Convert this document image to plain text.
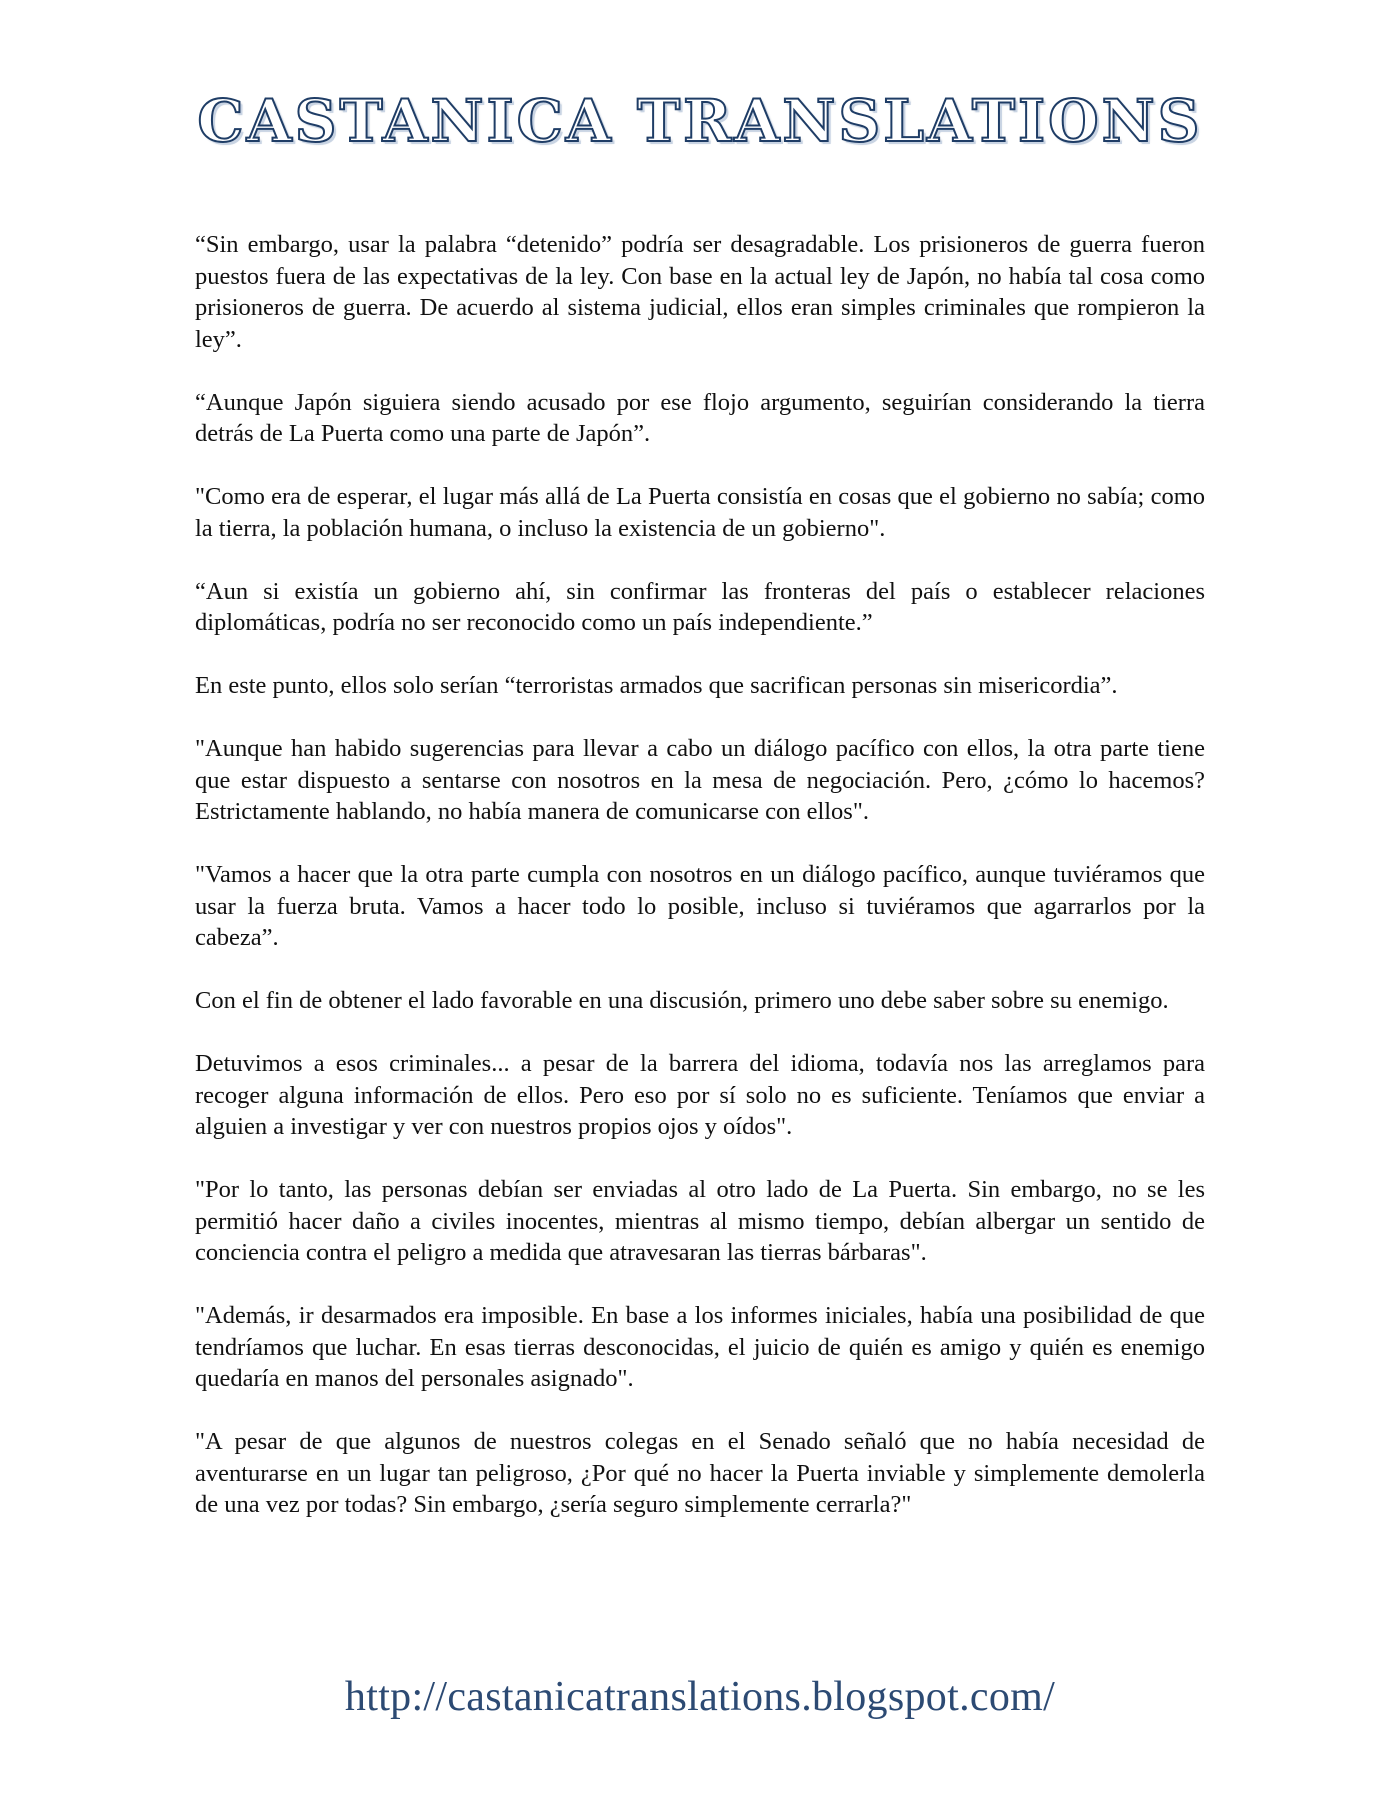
CASTANICA TRANSLATIONS

“Sin embargo, usar la palabra “detenido” podría ser desagradable. Los prisioneros de guerra fueron puestos fuera de las expectativas de la ley. Con base en la actual ley de Japón, no había tal cosa como prisioneros de guerra. De acuerdo al sistema judicial, ellos eran simples criminales que rompieron la ley”.

“Aunque Japón siguiera siendo acusado por ese flojo argumento, seguirían considerando la tierra detrás de La Puerta como una parte de Japón”.

"Como era de esperar, el lugar más allá de La Puerta consistía en cosas que el gobierno no sabía; como la tierra, la población humana, o incluso la existencia de un gobierno".

“Aun si existía un gobierno ahí, sin confirmar las fronteras del país o establecer relaciones diplomáticas, podría no ser reconocido como un país independiente.”

En este punto, ellos solo serían “terroristas armados que sacrifican personas sin misericordia”.

"Aunque han habido sugerencias para llevar a cabo un diálogo pacífico con ellos, la otra parte tiene que estar dispuesto a sentarse con nosotros en la mesa de negociación. Pero, ¿cómo lo hacemos? Estrictamente hablando, no había manera de comunicarse con ellos".

"Vamos a hacer que la otra parte cumpla con nosotros en un diálogo pacífico, aunque tuviéramos que usar la fuerza bruta. Vamos a hacer todo lo posible, incluso si tuviéramos que agarrarlos por la cabeza”.

Con el fin de obtener el lado favorable en una discusión, primero uno debe saber sobre su enemigo.

Detuvimos a esos criminales... a pesar de la barrera del idioma, todavía nos las arreglamos para recoger alguna información de ellos. Pero eso por sí solo no es suficiente. Teníamos que enviar a alguien a investigar y ver con nuestros propios ojos y oídos".

"Por lo tanto, las personas debían ser enviadas al otro lado de La Puerta. Sin embargo, no se les permitió hacer daño a civiles inocentes, mientras al mismo tiempo, debían albergar un sentido de conciencia contra el peligro a medida que atravesaran las tierras bárbaras".

"Además, ir desarmados era imposible. En base a los informes iniciales, había una posibilidad de que tendríamos que luchar. En esas tierras desconocidas, el juicio de quién es amigo y quién es enemigo quedaría en manos del personales asignado".

"A pesar de que algunos de nuestros colegas en el Senado señaló que no había necesidad de aventurarse en un lugar tan peligroso, ¿Por qué no hacer la Puerta inviable y simplemente demolerla de una vez por todas? Sin embargo, ¿sería seguro simplemente cerrarla?"

http://castanicatranslations.blogspot.com/
